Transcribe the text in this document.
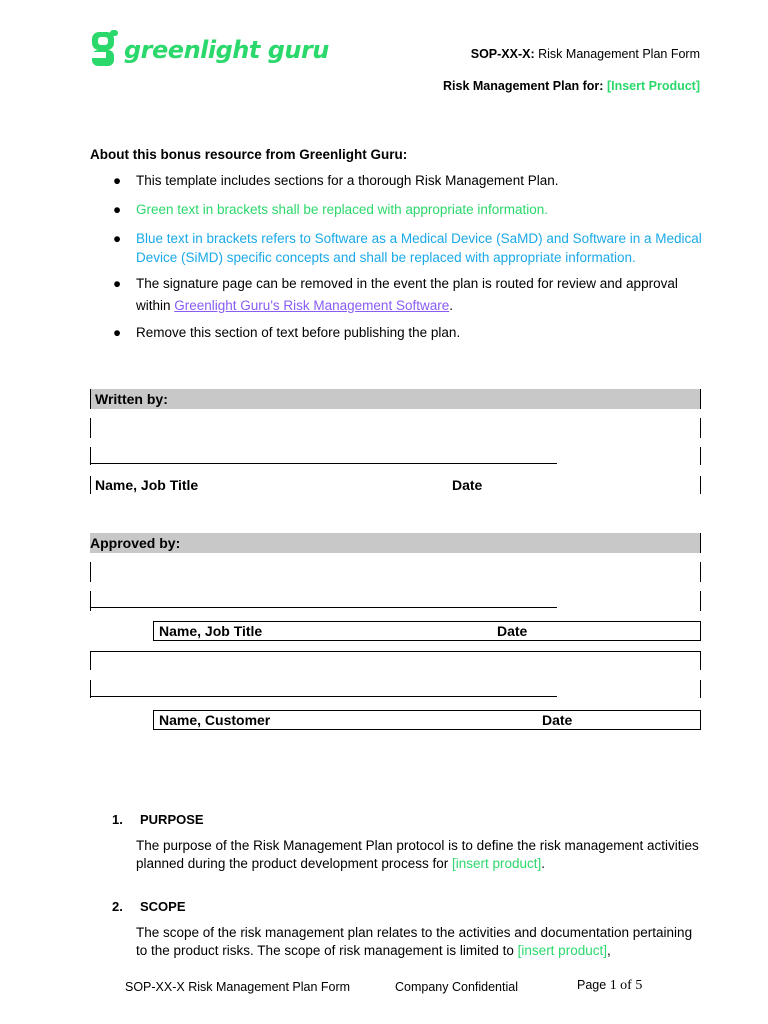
greenlight guru	SOP-XX-X: Risk Management Plan Form
Risk Management Plan for: [Insert Product]
About this bonus resource from Greenlight Guru:
● This template includes sections for a thorough Risk Management Plan.
● Green text in brackets shall be replaced with appropriate information.
● Blue text in brackets refers to Software as a Medical Device (SaMD) and Software in a Medical Device (SiMD) specific concepts and shall be replaced with appropriate information.
● The signature page can be removed in the event the plan is routed for review and approval within Greenlight Guru's Risk Management Software.
● Remove this section of text before publishing the plan.
Written by:
Name, Job Title	Date
Approved by:
Name, Job Title	Date
Name, Customer	Date
1. PURPOSE
The purpose of the Risk Management Plan protocol is to define the risk management activities planned during the product development process for [insert product].
2. SCOPE
The scope of the risk management plan relates to the activities and documentation pertaining to the product risks. The scope of risk management is limited to [insert product],
SOP-XX-X Risk Management Plan Form	Company Confidential	Page 1 of 5
